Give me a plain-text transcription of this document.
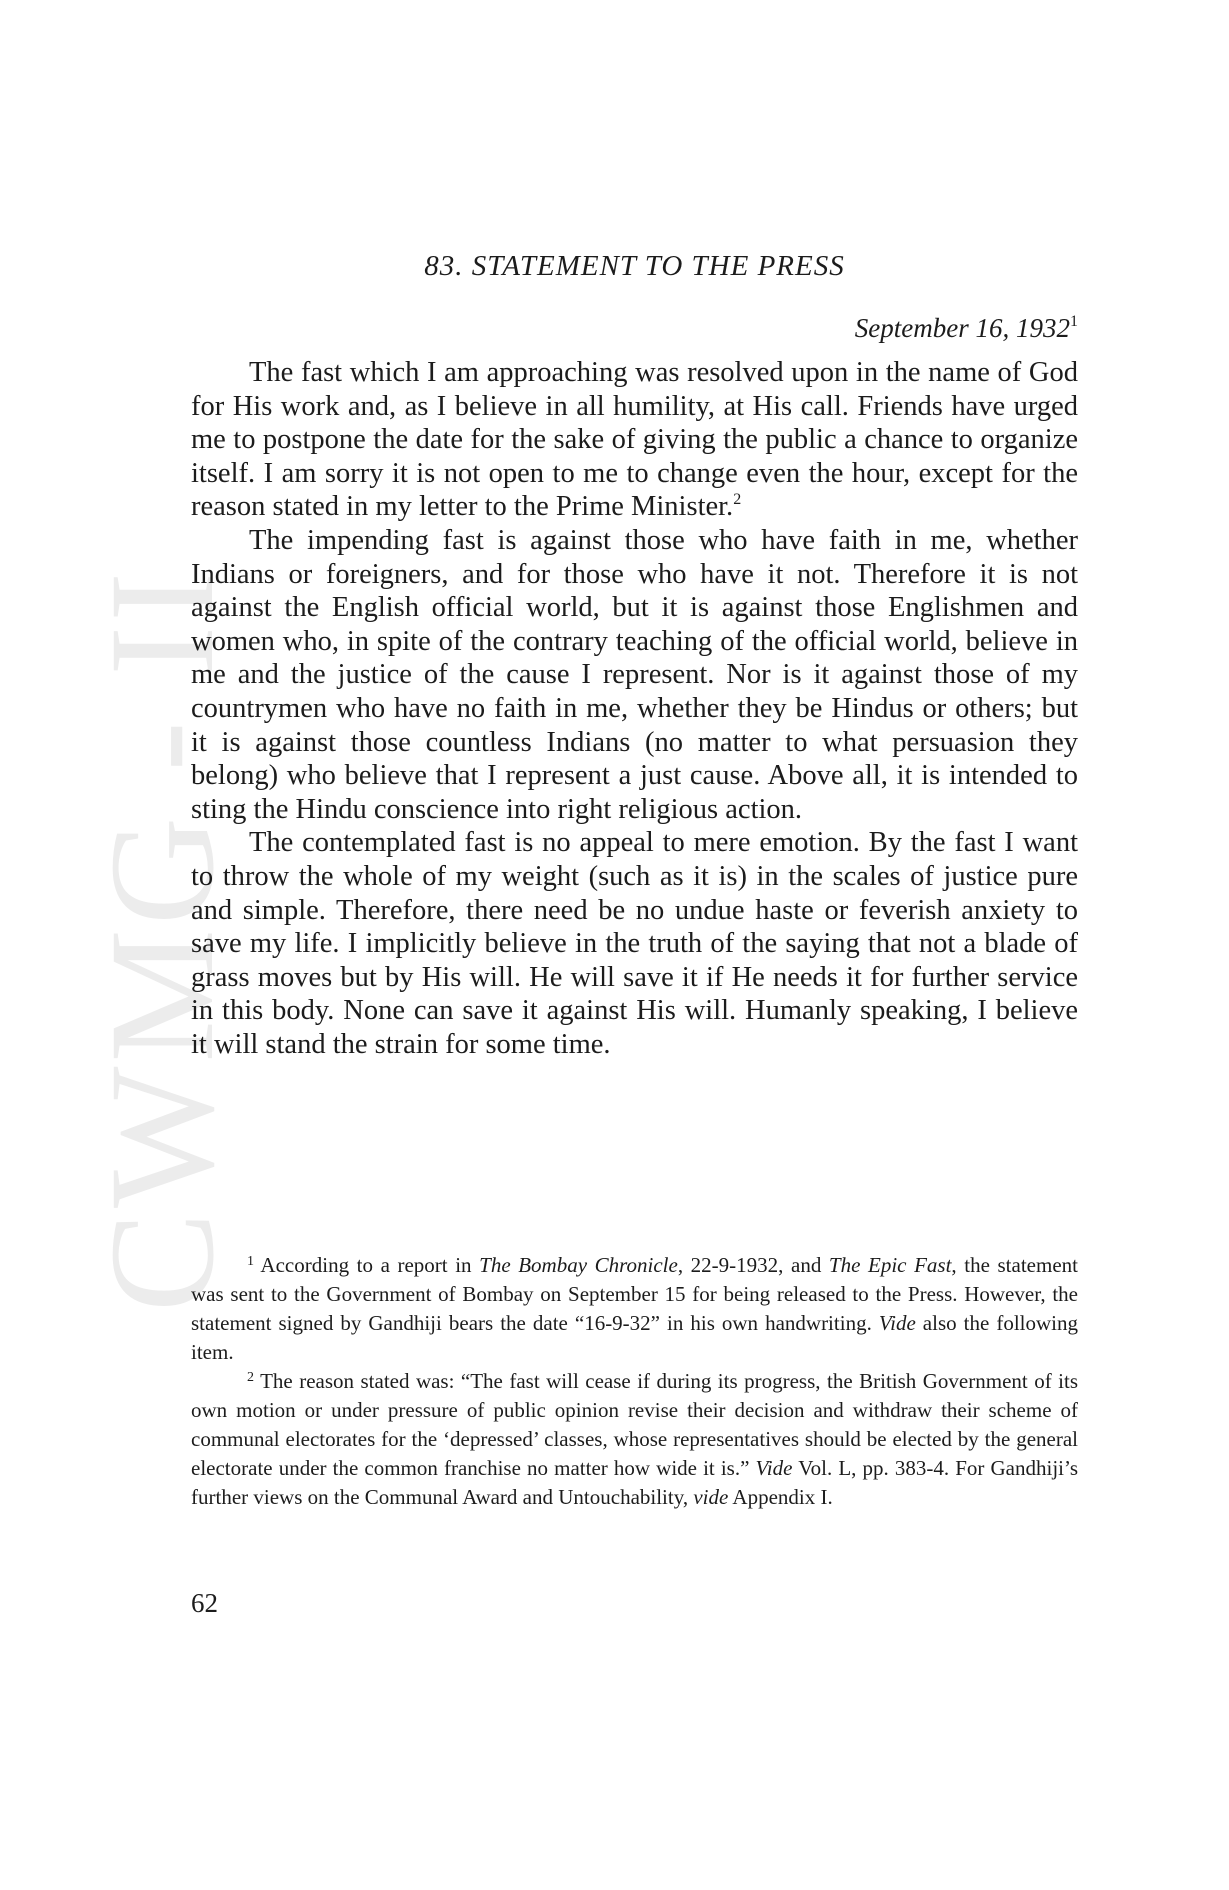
CWMG - II
83. STATEMENT TO THE PRESS

September 16, 1932$^1$

The fast which I am approaching was resolved upon in the name of God for His work and, as I believe in all humility, at His call. Friends have urged me to postpone the date for the sake of giving the public a chance to organize itself. I am sorry it is not open to me to change even the hour, except for the reason stated in my letter to the Prime Minister.$^2$

The impending fast is against those who have faith in me, whether Indians or foreigners, and for those who have it not. Therefore it is not against the English official world, but it is against those Englishmen and women who, in spite of the contrary teaching of the official world, believe in me and the justice of the cause I represent. Nor is it against those of my countrymen who have no faith in me, whether they be Hindus or others; but it is against those countless Indians (no matter to what persuasion they belong) who believe that I represent a just cause. Above all, it is intended to sting the Hindu conscience into right religious action.

The contemplated fast is no appeal to mere emotion. By the fast I want to throw the whole of my weight (such as it is) in the scales of justice pure and simple. Therefore, there need be no undue haste or feverish anxiety to save my life. I implicitly believe in the truth of the saying that not a blade of grass moves but by His will. He will save it if He needs it for further service in this body. None can save it against His will. Humanly speaking, I believe it will stand the strain for some time.

$^1$ According to a report in The Bombay Chronicle, 22-9-1932, and The Epic Fast, the statement was sent to the Government of Bombay on September 15 for being released to the Press. However, the statement signed by Gandhiji bears the date “16-9-32” in his own handwriting. Vide also the following item.

$^2$ The reason stated was: “The fast will cease if during its progress, the British Government of its own motion or under pressure of public opinion revise their decision and withdraw their scheme of communal electorates for the ‘depressed’ classes, whose representatives should be elected by the general electorate under the common franchise no matter how wide it is.” Vide Vol. L, pp. 383-4. For Gandhiji’s further views on the Communal Award and Untouchability, vide Appendix I.

62
